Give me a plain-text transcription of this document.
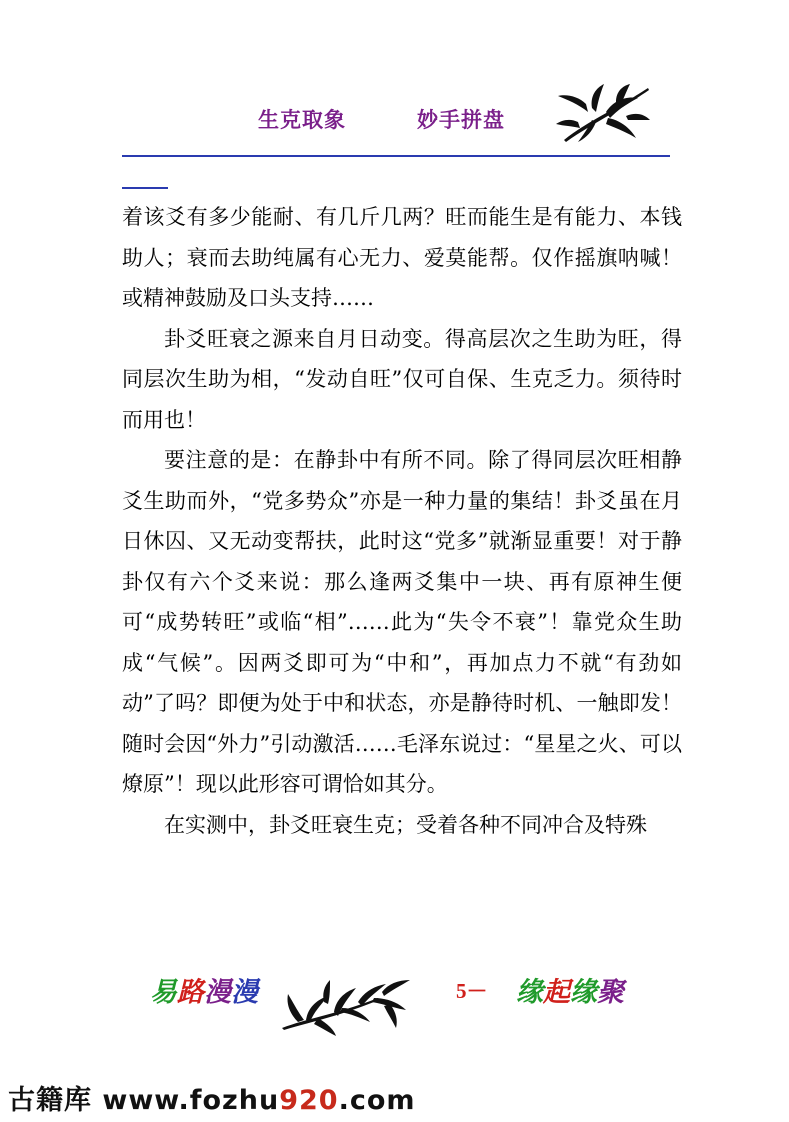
生克取象	妙手拼盘

着该爻有多少能耐、有几斤几两？旺而能生是有能力、本钱助人；衰而去助纯属有心无力、爱莫能帮。仅作摇旗呐喊！或精神鼓励及口头支持……

卦爻旺衰之源来自月日动变。得高层次之生助为旺，得同层次生助为相，“发动自旺”仅可自保、生克乏力。须待时而用也！

要注意的是：在静卦中有所不同。除了得同层次旺相静爻生助而外，“党多势众”亦是一种力量的集结！卦爻虽在月日休囚、又无动变帮扶，此时这“党多”就渐显重要！对于静卦仅有六个爻来说：那么逢两爻集中一块、再有原神生便可“成势转旺”或临“相”……此为“失令不衰”！靠党众生助成“气候”。因两爻即可为“中和”，再加点力不就“有劲如动”了吗？即便为处于中和状态，亦是静待时机、一触即发！随时会因“外力”引动激活……毛泽东说过：“星星之火、可以燎原”！现以此形容可谓恰如其分。

在实测中，卦爻旺衰生克；受着各种不同冲合及特殊

易路漫漫	5－ 缘起缘聚
古籍库 www.fozhu920.com
